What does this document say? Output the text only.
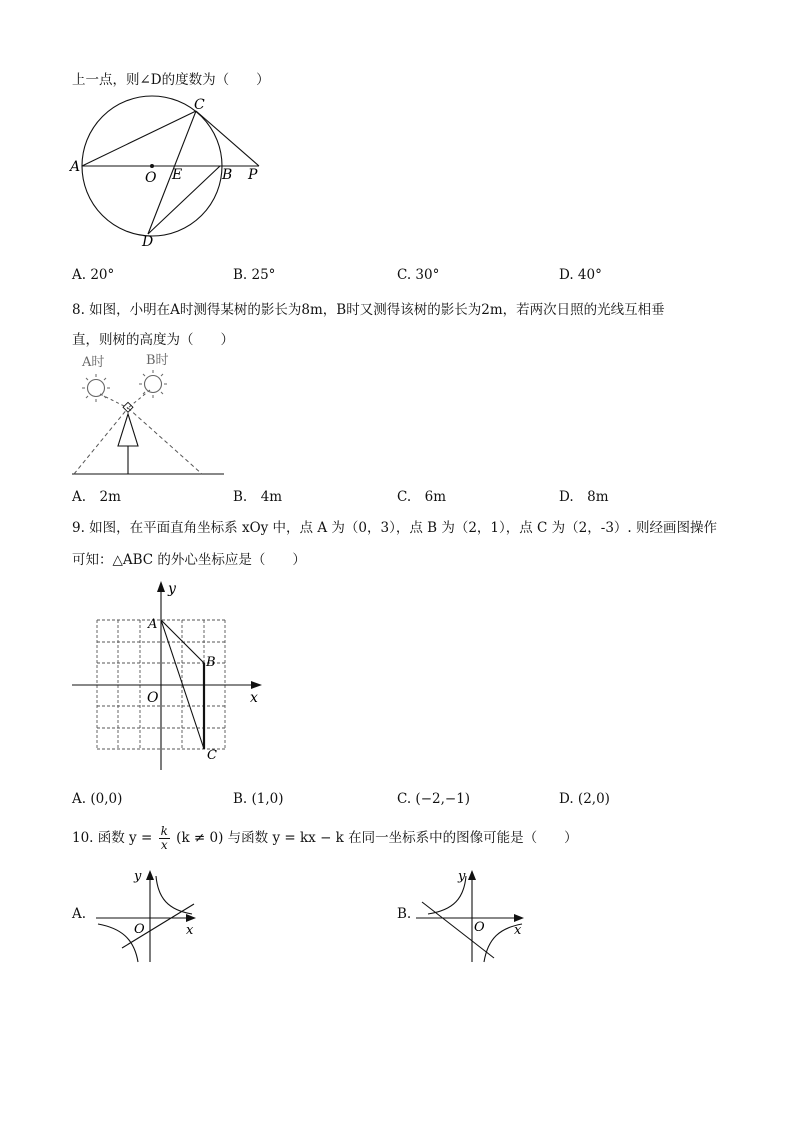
上一点，则∠D的度数为（　　）
A
C
O E	B P
D
A. 20°	B. 25°	C. 30°	D. 40°
8. 如图，小明在A时测得某树的影长为8m，B时又测得该树的影长为2m，若两次日照的光线互相垂
直，则树的高度为（　　）
A时	B时
A.　2m	B.　4m	C.　6m	D.　8m
9. 如图，在平面直角坐标系 xOy 中，点 A 为（0，3），点 B 为（2，1），点 C 为（2，-3）. 则经画图操作
可知：△ABC 的外心坐标应是（　　）
y
x
O
A
B
C
A. (0,0)	B. (1,0)	C. (−2,−1)	D. (2,0)
10. 函数 $y = \frac{k}{x} (k \ne 0)$ 与函数 y = kx − k 在同一坐标系中的图像可能是（　　）
A.
y
x
O
B.
y
x
O
